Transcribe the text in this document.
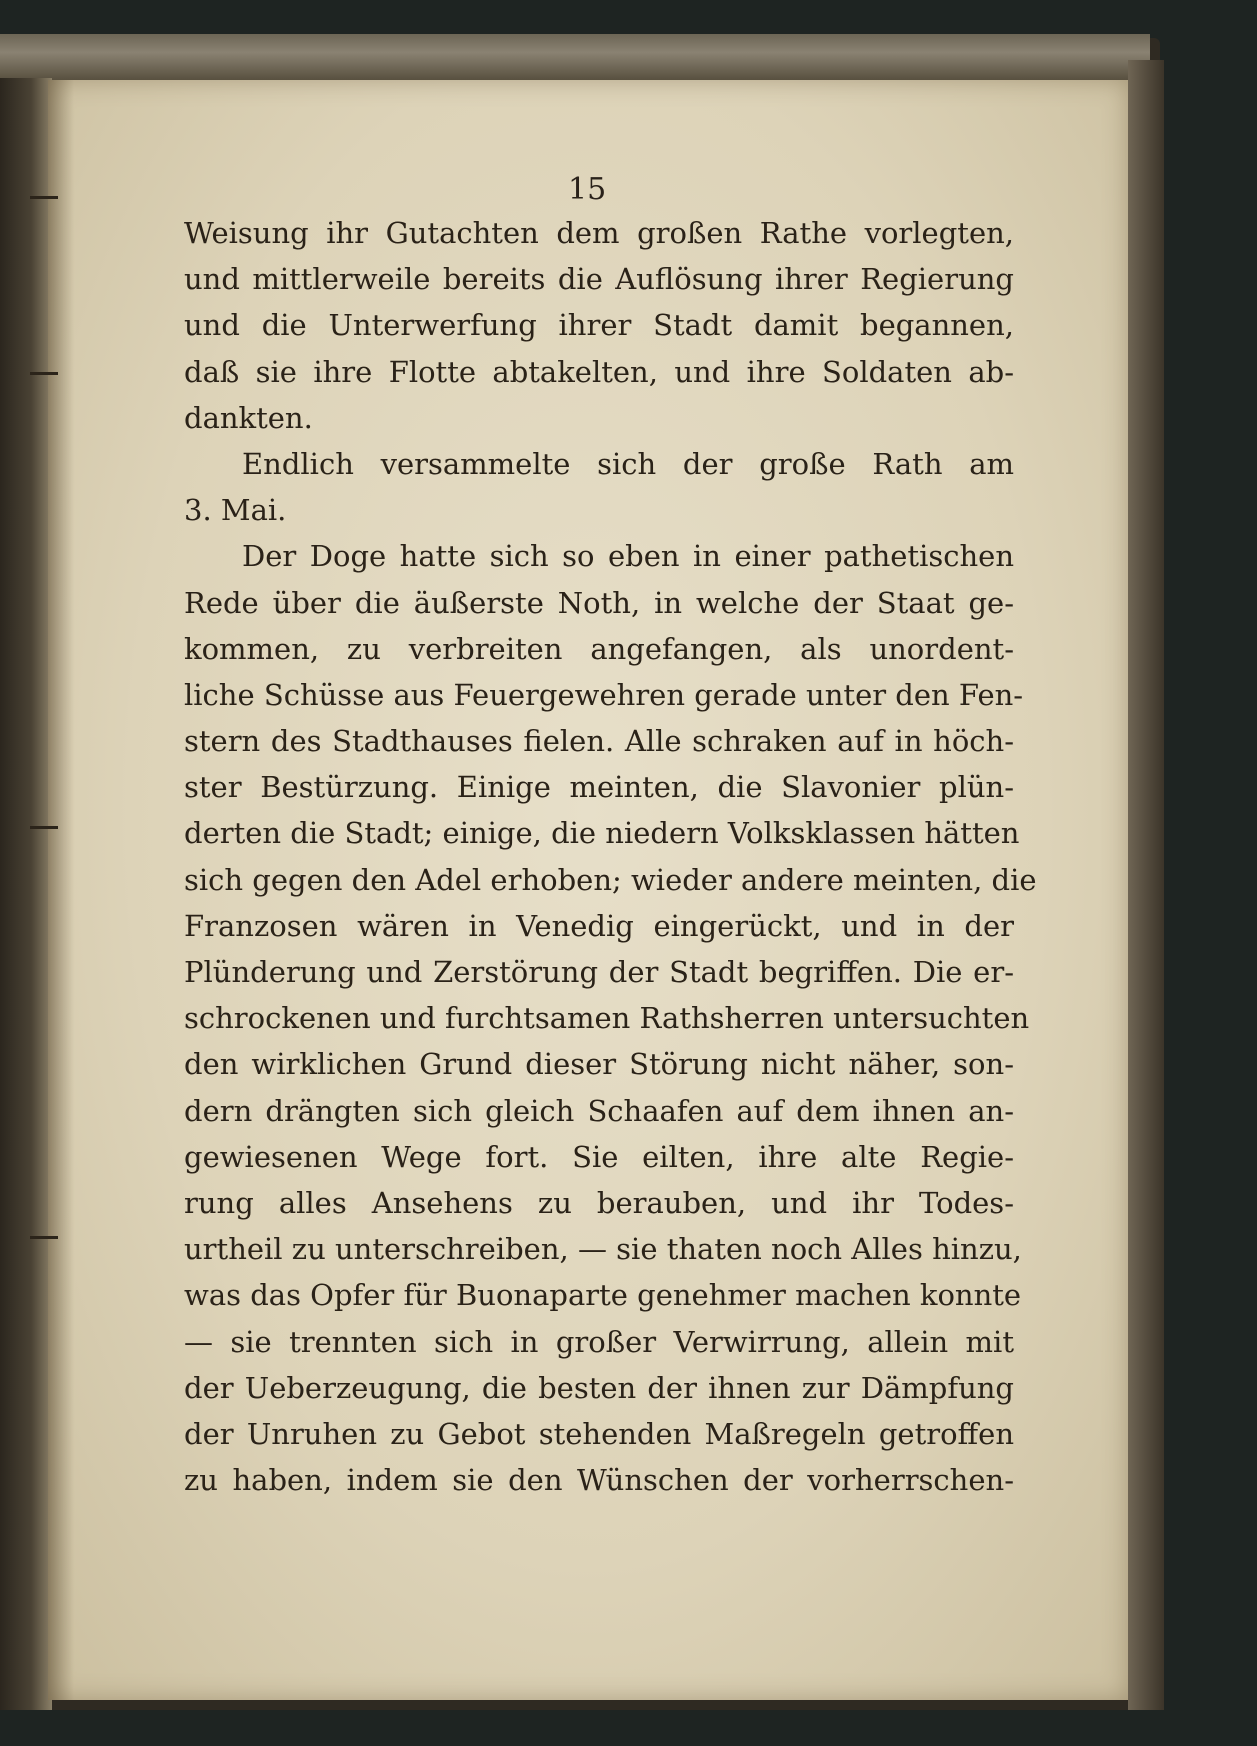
15

Weisung ihr Gutachten dem großen Rathe vorlegten,
und mittlerweile bereits die Auflösung ihrer Regierung
und die Unterwerfung ihrer Stadt damit begannen,
daß sie ihre Flotte abtakelten, und ihre Soldaten ab-
dankten.
Endlich versammelte sich der große Rath am
3. Mai.
Der Doge hatte sich so eben in einer pathetischen
Rede über die äußerste Noth, in welche der Staat ge-
kommen, zu verbreiten angefangen, als unordent-
liche Schüsse aus Feuergewehren gerade unter den Fen-
stern des Stadthauses fielen. Alle schraken auf in höch-
ster Bestürzung. Einige meinten, die Slavonier plün-
derten die Stadt; einige, die niedern Volksklassen hätten
sich gegen den Adel erhoben; wieder andere meinten, die
Franzosen wären in Venedig eingerückt, und in der
Plünderung und Zerstörung der Stadt begriffen. Die er-
schrockenen und furchtsamen Rathsherren untersuchten
den wirklichen Grund dieser Störung nicht näher, son-
dern drängten sich gleich Schaafen auf dem ihnen an-
gewiesenen Wege fort. Sie eilten, ihre alte Regie-
rung alles Ansehens zu berauben, und ihr Todes-
urtheil zu unterschreiben, — sie thaten noch Alles hinzu,
was das Opfer für Buonaparte genehmer machen konnte
— sie trennten sich in großer Verwirrung, allein mit
der Ueberzeugung, die besten der ihnen zur Dämpfung
der Unruhen zu Gebot stehenden Maßregeln getroffen
zu haben, indem sie den Wünschen der vorherrschen-
